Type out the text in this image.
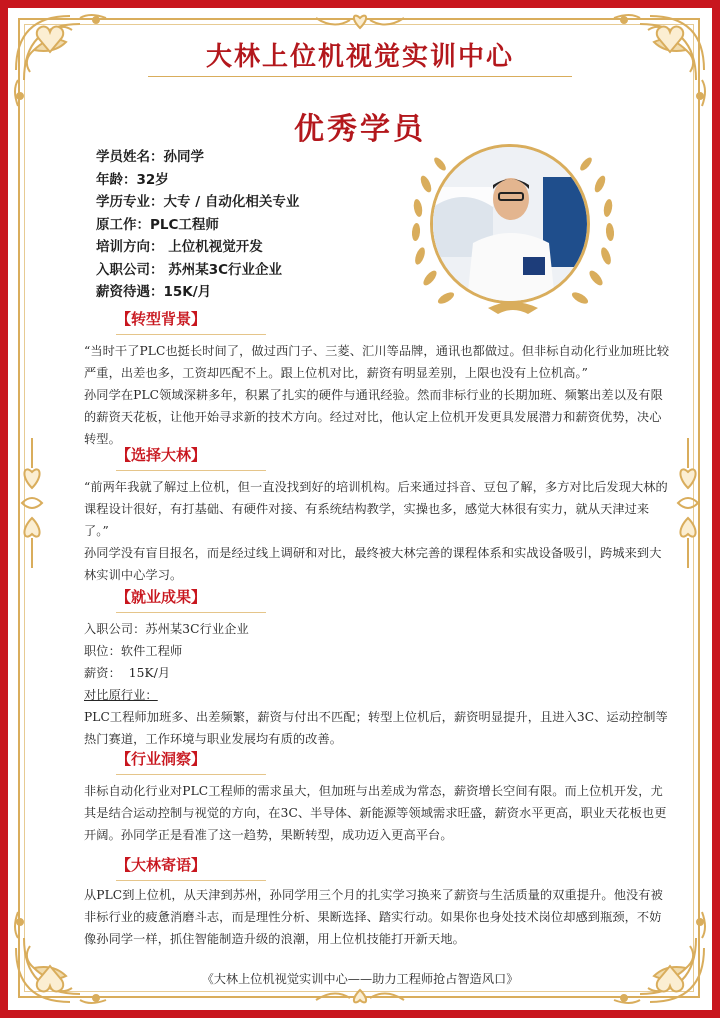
大林上位机视觉实训中心
优秀学员
学员姓名：孙同学
年龄：32岁
学历专业：大专 / 自动化相关专业
原工作：PLC工程师
培训方向： 上位机视觉开发
入职公司： 苏州某3C行业企业
薪资待遇：15K/月
【转型背景】

“当时干了PLC也挺长时间了，做过西门子、三菱、汇川等品牌，通讯也都做过。但非标自动化行业加班比较严重，出差也多，工资却匹配不上。跟上位机对比，薪资有明显差别，上限也没有上位机高。”

孙同学在PLC领域深耕多年，积累了扎实的硬件与通讯经验。然而非标行业的长期加班、频繁出差以及有限的薪资天花板，让他开始寻求新的技术方向。经过对比，他认定上位机开发更具发展潜力和薪资优势，决心转型。

【选择大林】

“前两年我就了解过上位机，但一直没找到好的培训机构。后来通过抖音、豆包了解，多方对比后发现大林的课程设计很好，有打基础、有硬件对接、有系统结构教学，实操也多，感觉大林很有实力，就从天津过来了。”

孙同学没有盲目报名，而是经过线上调研和对比，最终被大林完善的课程体系和实战设备吸引，跨城来到大林实训中心学习。

【就业成果】

入职公司：苏州某3C行业企业

职位：软件工程师

薪资：  15K/月

对比原行业：

PLC工程师加班多、出差频繁，薪资与付出不匹配；转型上位机后，薪资明显提升，且进入3C、运动控制等热门赛道，工作环境与职业发展均有质的改善。

【行业洞察】

非标自动化行业对PLC工程师的需求虽大，但加班与出差成为常态，薪资增长空间有限。而上位机开发，尤其是结合运动控制与视觉的方向，在3C、半导体、新能源等领域需求旺盛，薪资水平更高，职业天花板也更开阔。孙同学正是看准了这一趋势，果断转型，成功迈入更高平台。

【大林寄语】

从PLC到上位机，从天津到苏州，孙同学用三个月的扎实学习换来了薪资与生活质量的双重提升。他没有被非标行业的疲惫消磨斗志，而是理性分析、果断选择、踏实行动。如果你也身处技术岗位却感到瓶颈，不妨像孙同学一样，抓住智能制造升级的浪潮，用上位机技能打开新天地。

《大林上位机视觉实训中心——助力工程师抢占智造风口》
